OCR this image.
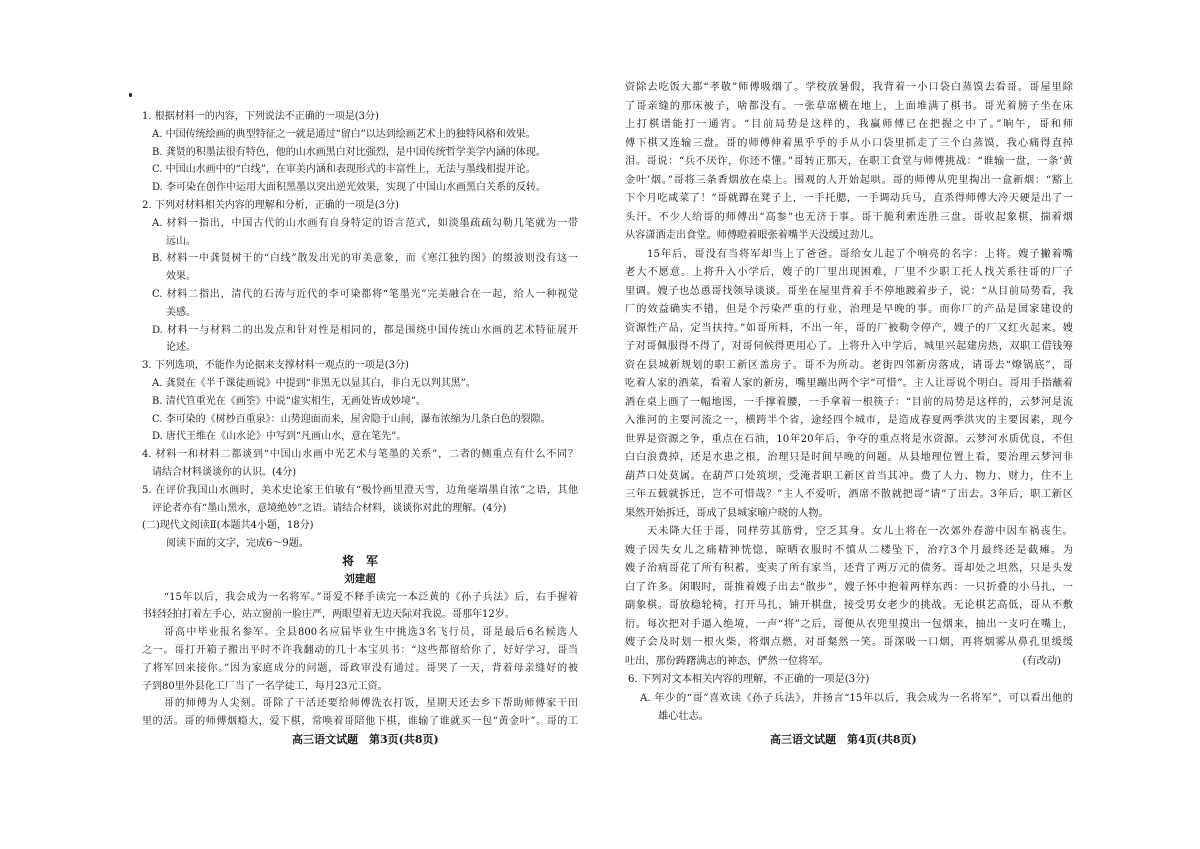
1. 根据材料一的内容，下列说法不正确的一项是(3分)
A. 中国传统绘画的典型特征之一就是通过“留白”以达到绘画艺术上的独特风格和效果。
B. 龚贤的积墨法很有特色，他的山水画黑白对比强烈，是中国传统哲学美学内涵的体现。
C. 中国山水画中的“白线”，在审美内涵和表现形式的丰富性上，无法与墨线相提并论。
D. 李可染在创作中运用大面积黑墨以突出逆光效果，实现了中国山水画黑白关系的反转。
2. 下列对材料相关内容的理解和分析，正确的一项是(3分)
A. 材料一指出，中国古代的山水画有自身特定的语言范式，如淡墨疏疏勾勒几笔就为一带
远山。
B. 材料一中龚贤树干的“白线”散发出光的审美意象，而《寒江独钓图》的缀波则没有这一
效果。
C. 材料二指出，清代的石涛与近代的李可染都将“笔墨光”完美融合在一起，给人一种视觉
美感。
D. 材料一与材料二的出发点和针对性是相同的，都是围绕中国传统山水画的艺术特征展开
论述。
3. 下列选项，不能作为论据来支撑材料一观点的一项是(3分)
A. 龚贤在《半千课徒画说》中提到“非黑无以显其白，非白无以判其黑”。
B. 清代笪重光在《画筌》中说“虚实相生，无画处皆成妙境”。
C. 李可染的《树杪百重泉》：山势迎面而来，屋舍隐于山间，瀑布浓缩为几条白色的裂隙。
D. 唐代王维在《山水论》中写到“凡画山水，意在笔先”。
4. 材料一和材料二都谈到“中国山水画中光艺术与笔墨的关系”，二者的侧重点有什么不同？
请结合材料谈谈你的认识。(4分)
5. 在评价我国山水画时，美术史论家王伯敏有“极怜画里澄天雪，边角毫端墨自浓”之语，其他
评论者亦有“墨山黑水，意境绝妙”之语。请结合材料，谈谈你对此的理解。(4分)
(二)现代文阅读Ⅱ(本题共4小题，18分)
阅读下面的文字，完成6～9题。
将　军
刘建超
“15年以后，我会成为一名将军。”哥爱不释手读完一本泛黄的《孙子兵法》后，右手握着
书轻轻拍打着左手心，站立窗前一脸庄严，两眼望着无边天际对我说。哥那年12岁。
哥高中毕业报名参军。全县800名应届毕业生中挑选3名飞行员，哥是最后6名候选人
之一。哥打开箱子搬出平时不许我翻动的几十本宝贝书：“这些都留给你了，好好学习，哥当
了将军回来接你。”因为家庭成分的问题，哥政审没有通过。哥哭了一天，背着母亲缝好的被
子到80里外县化工厂当了一名学徒工，每月23元工资。
哥的师傅为人尖刻。哥除了干活还要给师傅洗衣打饭，星期天还去乡下帮助师傅家干田
里的活。哥的师傅烟瘾大，爱下棋，常唤着哥陪他下棋，谁输了谁就买一包“黄金叶”。哥的工
高三语文试题　第3页(共8页)
资除去吃饭大都“孝敬”师傅吸烟了。学校放暑假，我背着一小口袋白蒸馍去看哥。哥屋里除
了哥亲缝的那床被子，啥都没有。一张草席横在地上，上面堆满了棋书。哥光着膀子坐在床
上打棋谱能打一通宵。“目前局势是这样的，我赢师傅已在把握之中了。”晌午，哥和师
傅下棋又连输三盘。哥的师傅伸着黑乎乎的手从小口袋里抓走了三个白蒸馍，我心痛得直掉
泪。哥说：“兵不厌诈，你还不懂。”哥转正那天，在职工食堂与师傅挑战：“谁输一盘，一条‘黄
金叶’烟。”哥将三条香烟放在桌上。围观的人开始起哄。哥的师傅从兜里掏出一盒新烟：“豁上
下个月吃咸菜了！”哥就蹲在凳子上，一手托腮，一手调动兵马，直杀得师傅大冷天硬是出了一
头汗。不少人给哥的师傅出“高参”也无济于事。哥干脆利索连胜三盘。哥收起象棋，揣着烟
从容潇洒走出食堂。师傅瞪着眼张着嘴半天没缓过劲儿。
15年后，哥没有当将军却当上了爸爸。哥给女儿起了个响亮的名字：上将。嫂子撇着嘴
老大不愿意。上将升入小学后，嫂子的厂里出现困难，厂里不少职工托人找关系往哥的厂子
里调。嫂子也怂恿哥找领导谈谈。哥坐在屋里背着手不停地踱着步子，说：“从目前局势看，我
厂的效益确实不错，但是个污染严重的行业，治理是早晚的事。而你厂的产品是国家建设的
资源性产品，定当扶持。”如哥所料，不出一年，哥的厂被勒令停产，嫂子的厂又红火起来。嫂
子对哥佩服得不得了，对哥伺候得更用心了。上将升入中学后，城里兴起建房热，双职工借钱筹
资在县城新规划的职工新区盖房子。哥不为所动。老街四邻新房落成，请哥去“燎锅底”，哥
吃着人家的酒菜，看着人家的新房，嘴里蹦出两个字“可惜”。主人让哥说个明白。哥用手指蘸着
酒在桌上画了一幅地图，一手撑着腰，一手拿着一根筷子：“目前的局势是这样的，云梦河是流
入淮河的主要河流之一，横跨半个省，途经四个城市，是造成春夏两季洪灾的主要因素，现今
世界是资源之争，重点在石油，10年20年后，争夺的重点将是水资源。云梦河水质优良，不但
白白浪费掉，还是水患之根，治理只是时间早晚的问题。从县地理位置上看，要治理云梦河非
葫芦口处莫属。在葫芦口处筑坝，受淹者职工新区首当其冲。费了人力、物力、财力，住不上
三年五载就拆迁，岂不可惜哉？”主人不爱听，酒席不散就把哥“请”了出去。3年后，职工新区
果然开始拆迁，哥成了县城家喻户晓的人物。
天未降大任于哥，同样劳其筋骨，空乏其身。女儿上将在一次郊外春游中因车祸丧生。
嫂子因失女儿之痛精神恍惚，晾晒衣服时不慎从二楼坠下，治疗3个月最终还是截瘫。为
嫂子治病哥花了所有积蓄，变卖了所有家当，还背了两万元的债务。哥却处之坦然，只是头发
白了许多。闲暇时，哥推着嫂子出去“散步”，嫂子怀中抱着两样东西：一只折叠的小马扎，一
副象棋。哥放稳轮椅，打开马扎，铺开棋盘，接受男女老少的挑战。无论棋艺高低，哥从不敷
衍。每次把对手逼入绝境，一声“将”之后，哥便从衣兜里摸出一包烟来，抽出一支叼在嘴上，
嫂子会及时划一根火柴，将烟点燃，对哥粲然一笑。哥深吸一口烟，再将烟雾从鼻孔里缓缓
吐出，那份踌躇满志的神态，俨然一位将军。	(有改动)
6. 下列对文本相关内容的理解，不正确的一项是(3分)
A. 年少的“哥”喜欢读《孙子兵法》，并扬言“15年以后，我会成为一名将军”，可以看出他的
雄心壮志。
高三语文试题　第4页(共8页)
